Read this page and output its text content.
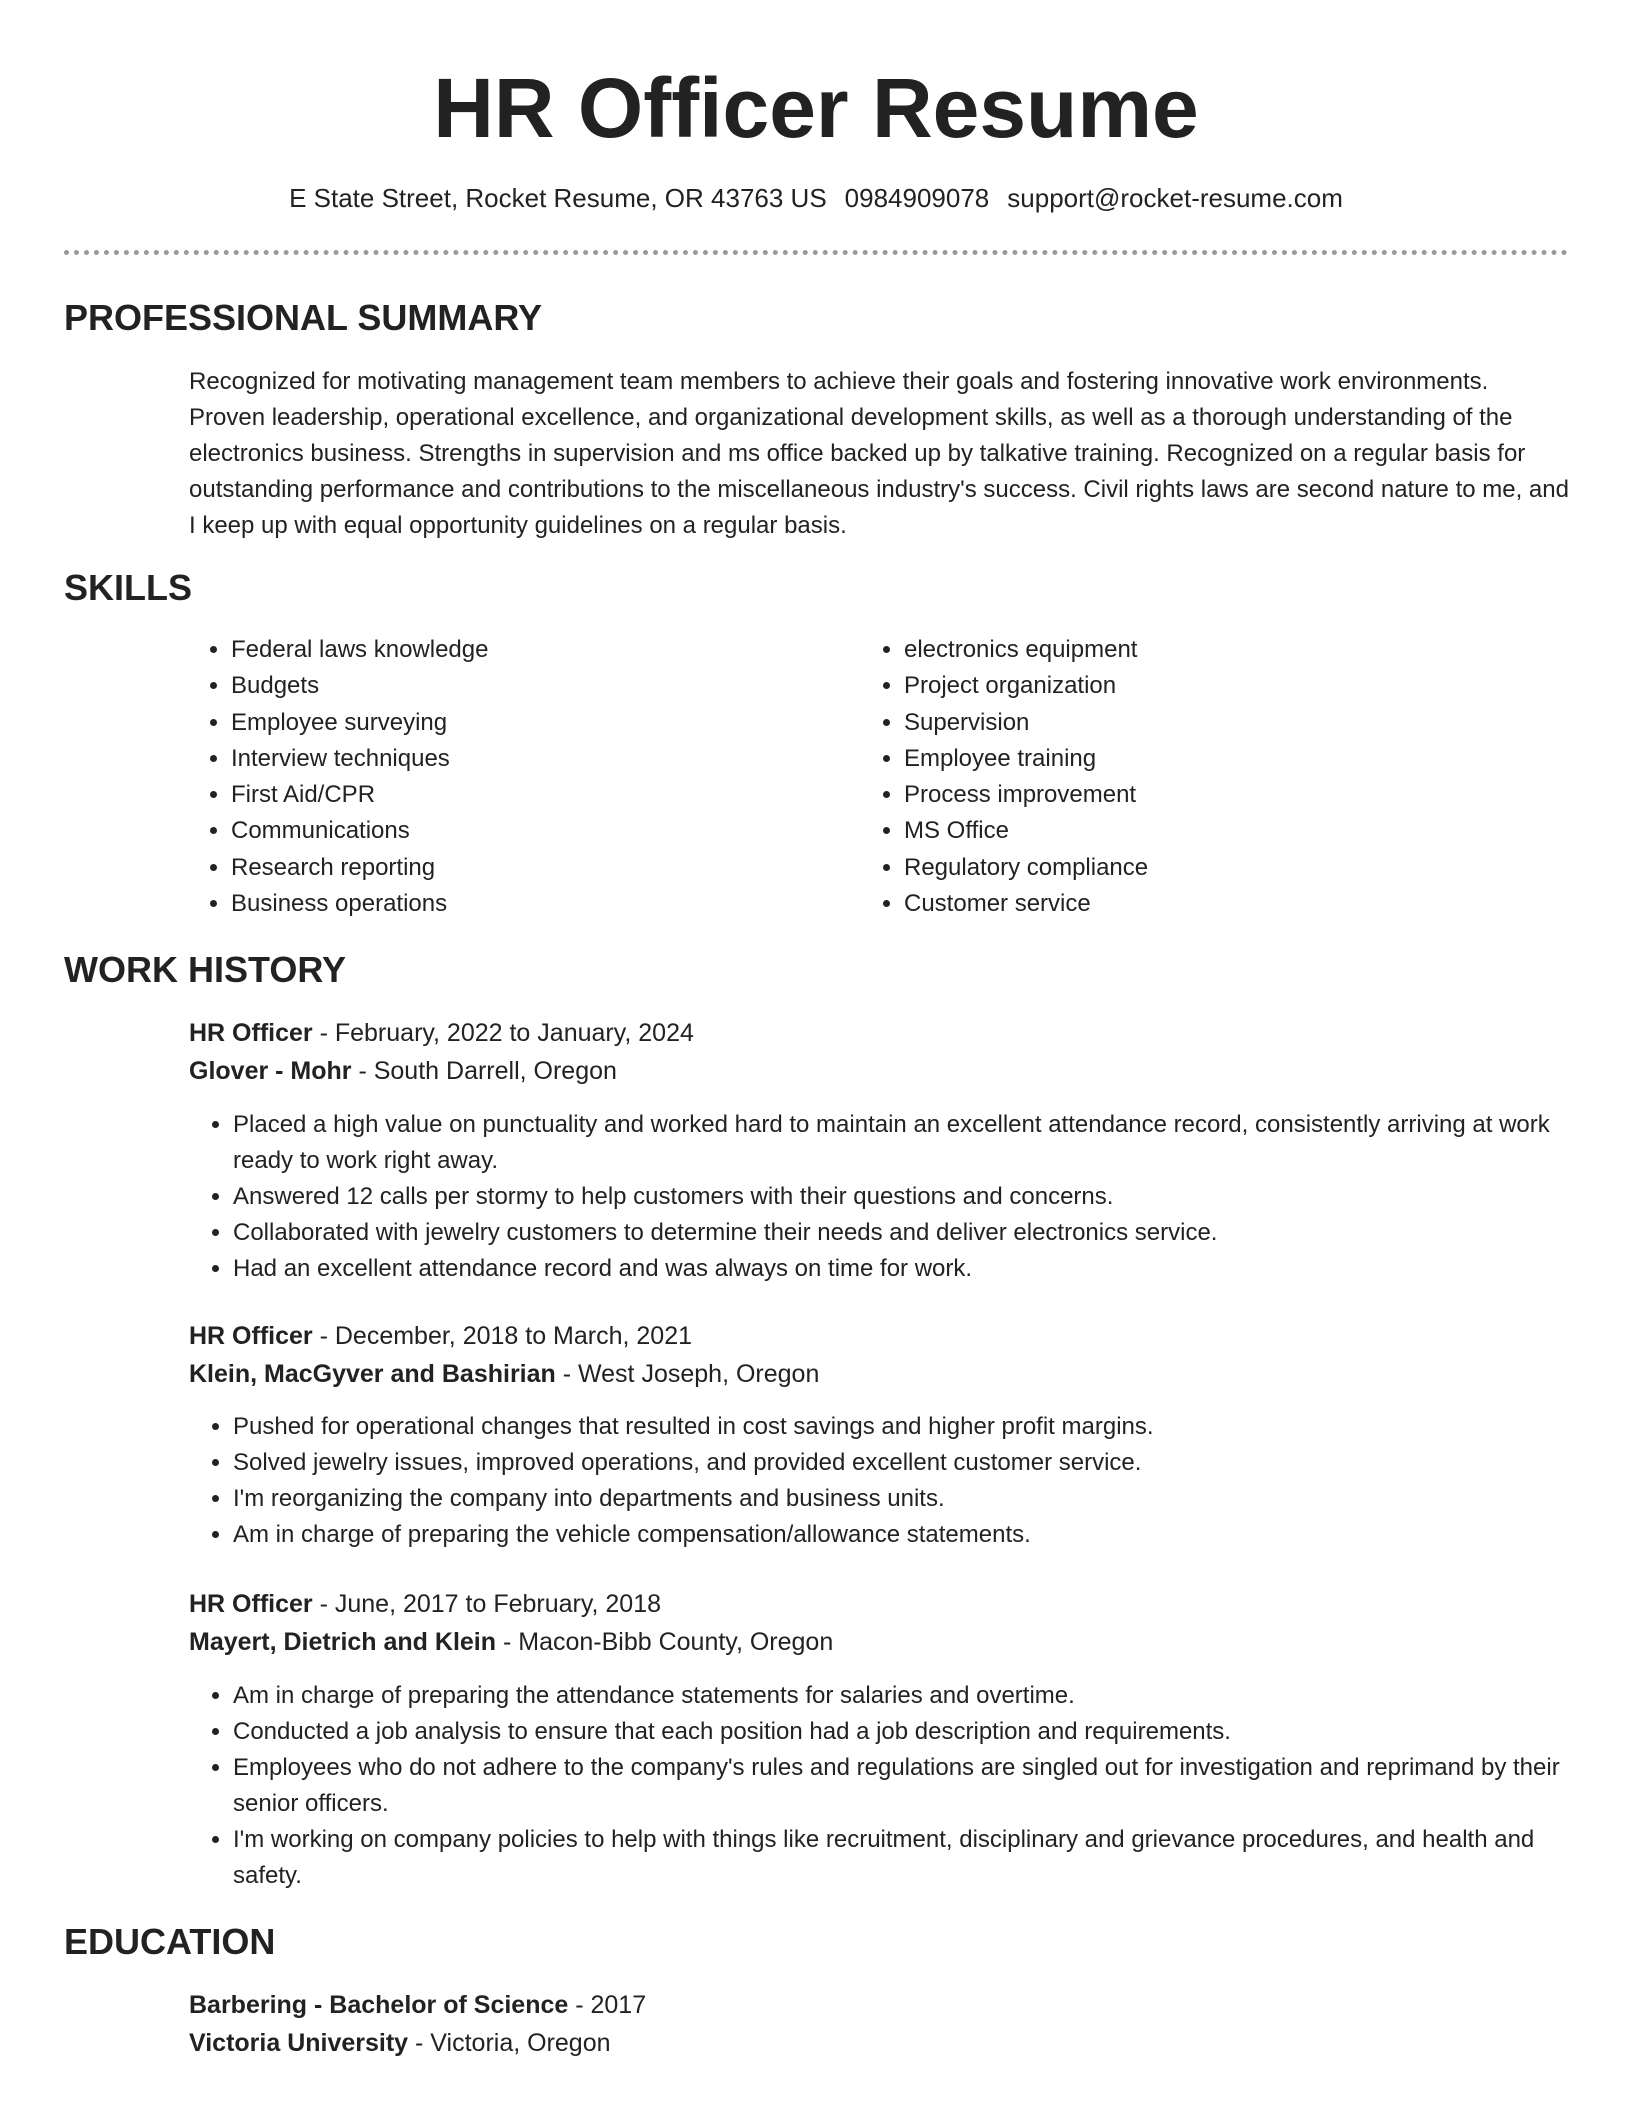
HR Officer Resume
E State Street, Rocket Resume, OR 43763 US 0984909078 support@rocket-resume.com
PROFESSIONAL SUMMARY

Recognized for motivating management team members to achieve their goals and fostering innovative work environments. Proven leadership, operational excellence, and organizational development skills, as well as a thorough understanding of the electronics business. Strengths in supervision and ms office backed up by talkative training. Recognized on a regular basis for outstanding performance and contributions to the miscellaneous industry's success. Civil rights laws are second nature to me, and I keep up with equal opportunity guidelines on a regular basis.

SKILLS
• Federal laws knowledge
• Budgets
• Employee surveying
• Interview techniques
• First Aid/CPR
• Communications
• Research reporting
• Business operations
• electronics equipment
• Project organization
• Supervision
• Employee training
• Process improvement
• MS Office
• Regulatory compliance
• Customer service
WORK HISTORY
HR Officer - February, 2022 to January, 2024
Glover - Mohr - South Darrell, Oregon
• Placed a high value on punctuality and worked hard to maintain an excellent attendance record, consistently arriving at work ready to work right away.
• Answered 12 calls per stormy to help customers with their questions and concerns.
• Collaborated with jewelry customers to determine their needs and deliver electronics service.
• Had an excellent attendance record and was always on time for work.
HR Officer - December, 2018 to March, 2021
Klein, MacGyver and Bashirian - West Joseph, Oregon
• Pushed for operational changes that resulted in cost savings and higher profit margins.
• Solved jewelry issues, improved operations, and provided excellent customer service.
• I'm reorganizing the company into departments and business units.
• Am in charge of preparing the vehicle compensation/allowance statements.
HR Officer - June, 2017 to February, 2018
Mayert, Dietrich and Klein - Macon-Bibb County, Oregon
• Am in charge of preparing the attendance statements for salaries and overtime.
• Conducted a job analysis to ensure that each position had a job description and requirements.
• Employees who do not adhere to the company's rules and regulations are singled out for investigation and reprimand by their senior officers.
• I'm working on company policies to help with things like recruitment, disciplinary and grievance procedures, and health and safety.
EDUCATION
Barbering - Bachelor of Science - 2017
Victoria University - Victoria, Oregon
